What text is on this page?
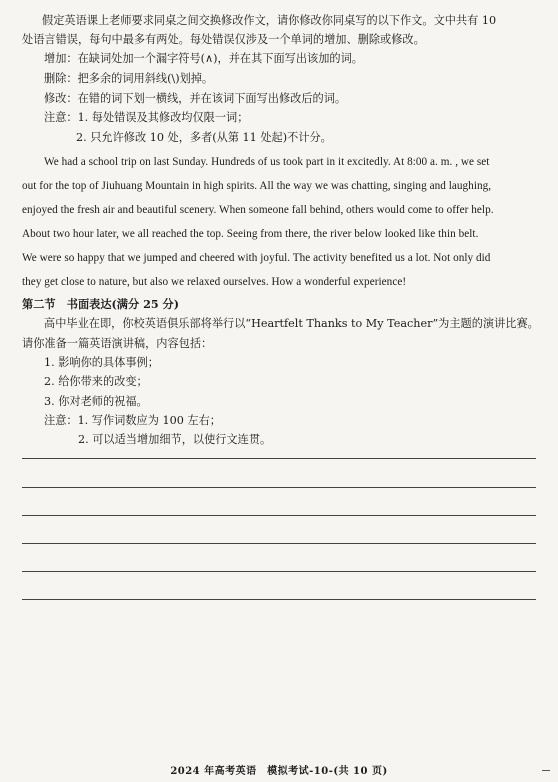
假定英语课上老师要求同桌之间交换修改作文，请你修改你同桌写的以下作文。文中共有 10
处语言错误，每句中最多有两处。每处错误仅涉及一个单词的增加、删除或修改。
增加：在缺词处加一个漏字符号(∧)，并在其下面写出该加的词。
删除：把多余的词用斜线(\)划掉。
修改：在错的词下划一横线，并在该词下面写出修改后的词。
注意：1. 每处错误及其修改均仅限一词；
2. 只允许修改 10 处，多者(从第 11 处起)不计分。
We had a school trip on last Sunday. Hundreds of us took part in it excitedly. At 8:00 a. m. , we set
out for the top of Jiuhuang Mountain in high spirits. All the way we was chatting, singing and laughing,
enjoyed the fresh air and beautiful scenery. When someone fall behind, others would come to offer help.
About two hour later, we all reached the top. Seeing from there, the river below looked like thin belt.
We were so happy that we jumped and cheered with joyful. The activity benefited us a lot. Not only did
they get close to nature, but also we relaxed ourselves. How a wonderful experience!
第二节　书面表达(满分 25 分)
高中毕业在即，你校英语俱乐部将举行以“Heartfelt Thanks to My Teacher”为主题的演讲比赛。
请你准备一篇英语演讲稿，内容包括：
1. 影响你的具体事例；
2. 给你带来的改变；
3. 你对老师的祝福。
注意：1. 写作词数应为 100 左右；
2. 可以适当增加细节，以使行文连贯。
2024 年高考英语　模拟考试-10-(共 10 页)
